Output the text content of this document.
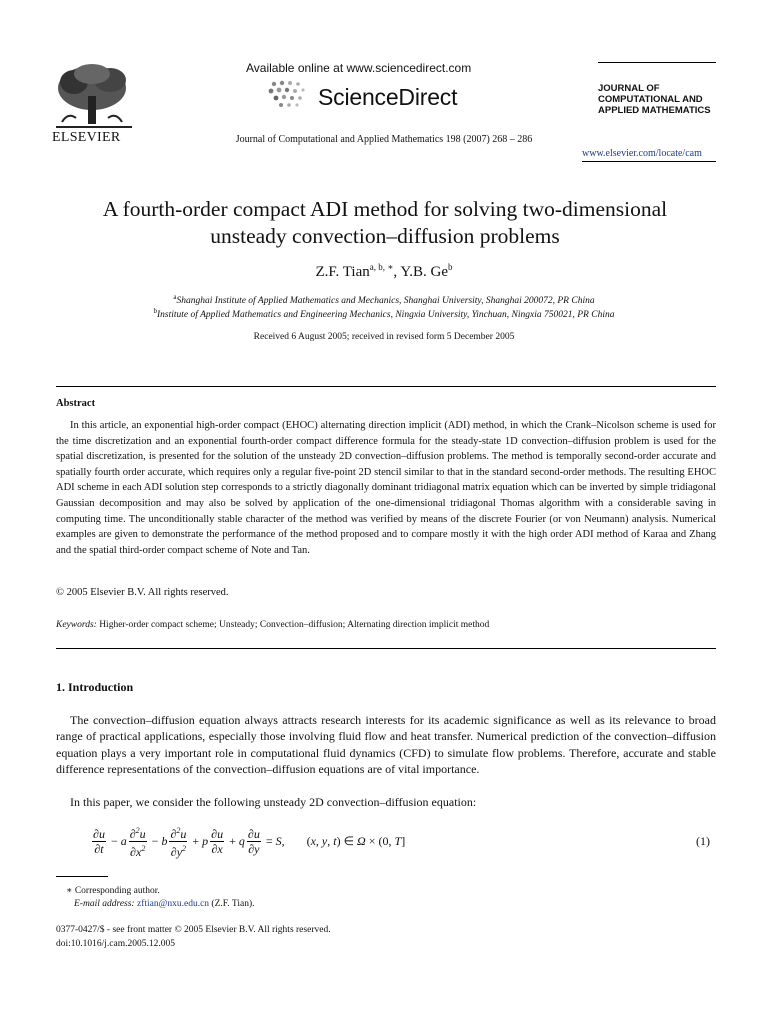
ELSEVIER
Available online at www.sciencedirect.com
ScienceDirect
Journal of Computational and Applied Mathematics 198 (2007) 268 – 286
JOURNAL OF
COMPUTATIONAL AND
APPLIED MATHEMATICS
www.elsevier.com/locate/cam
A fourth-order compact ADI method for solving two-dimensional
unsteady convection–diffusion problems
Z.F. Tian$^{a, b, ∗}$, Y.B. Ge$^b$
$^a$Shanghai Institute of Applied Mathematics and Mechanics, Shanghai University, Shanghai 200072, PR China
$^b$Institute of Applied Mathematics and Engineering Mechanics, Ningxia University, Yinchuan, Ningxia 750021, PR China
Received 6 August 2005; received in revised form 5 December 2005
Abstract
In this article, an exponential high-order compact (EHOC) alternating direction implicit (ADI) method, in which the Crank–Nicolson scheme is used for the time discretization and an exponential fourth-order compact difference formula for the steady-state 1D convection–diffusion problem is used for the spatial discretization, is presented for the solution of the unsteady 2D convection–diffusion problems. The method is temporally second-order accurate and spatially fourth order accurate, which requires only a regular five-point 2D stencil similar to that in the standard second-order methods. The resulting EHOC ADI scheme in each ADI solution step corresponds to a strictly diagonally dominant tridiagonal matrix equation which can be inverted by simple tridiagonal Gaussian decomposition and may also be solved by application of the one-dimensional tridiagonal Thomas algorithm with a considerable saving in computing time. The unconditionally stable character of the method was verified by means of the discrete Fourier (or von Neumann) analysis. Numerical examples are given to demonstrate the performance of the method proposed and to compare mostly it with the high order ADI method of Karaa and Zhang and the spatial third-order compact scheme of Note and Tan.
© 2005 Elsevier B.V. All rights reserved.
Keywords: Higher-order compact scheme; Unsteady; Convection–diffusion; Alternating direction implicit method
1. Introduction
The convection–diffusion equation always attracts research interests for its academic significance as well as its relevance to broad range of practical applications, especially those involving fluid flow and heat transfer. Numerical prediction of the convection–diffusion equation plays a very important role in computational fluid dynamics (CFD) to simulate flow problems. Therefore, accurate and stable difference representations of the convection–diffusion equations are of vital importance.
In this paper, we consider the following unsteady 2D convection–diffusion equation:
$\frac{\partial u}{\partial t} - a \frac{\partial^2u}{\partial x^2} - b \frac{\partial^2u}{\partial y^2} + p \frac{\partial u}{\partial x} + q \frac{\partial u}{\partial y} = S$ , (x, y, t) ∈ Ω × (0, T]	(1)
∗ Corresponding author.
E-mail address: zftian@nxu.edu.cn (Z.F. Tian).
0377-0427/$ - see front matter © 2005 Elsevier B.V. All rights reserved.
doi:10.1016/j.cam.2005.12.005
